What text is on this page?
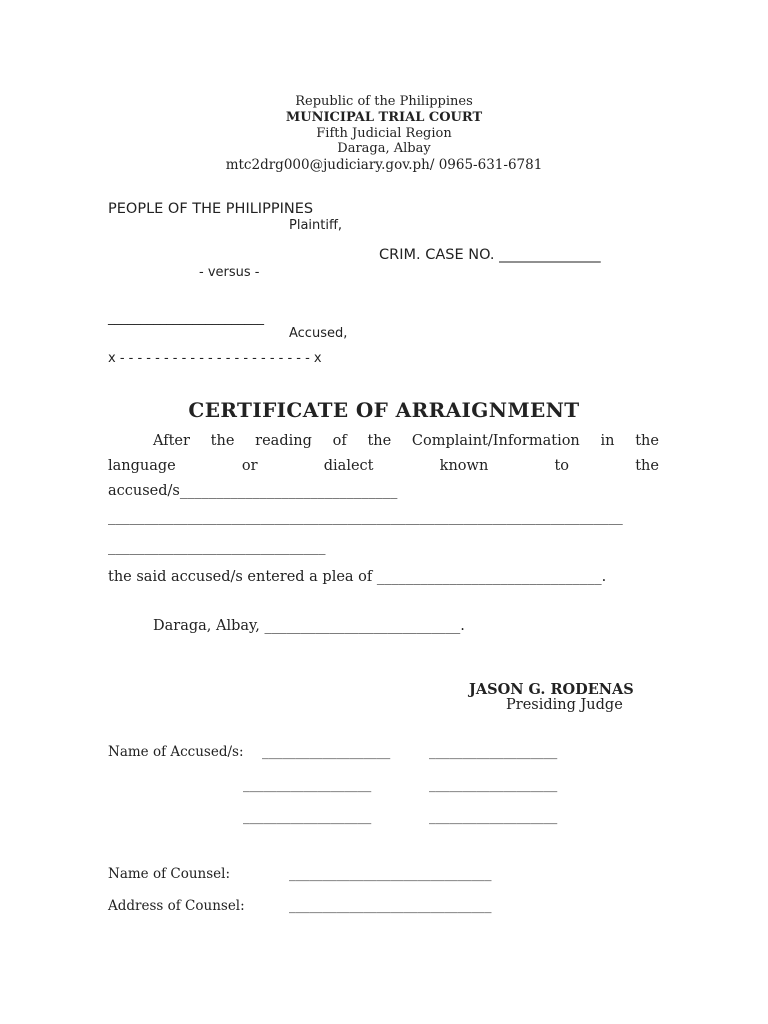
Republic of the Philippines
MUNICIPAL TRIAL COURT
Fifth Judicial Region
Daraga, Albay
mtc2drg000@judiciary.gov.ph/ 0965-631-6781
PEOPLE OF THE PHILIPPINES
Plaintiff,
CRIM. CASE NO. ______________
- versus -
________________________
Accused,
x - - - - - - - - - - - - - - - - - - - - - - x
CERTIFICATE OF ARRAIGNMENT
After the reading of the Complaint/Information in the
language	or	dialect	known	to	the
accused/s______________________________
_______________________________________________________________________
______________________________
the said accused/s entered a plea of _______________________________.
Daraga, Albay, ___________________________.
JASON G. RODENAS
Presiding Judge
Name of Accused/s: ___________________	___________________
___________________	___________________
___________________	___________________
Name of Counsel:	______________________________
Address of Counsel:	______________________________
